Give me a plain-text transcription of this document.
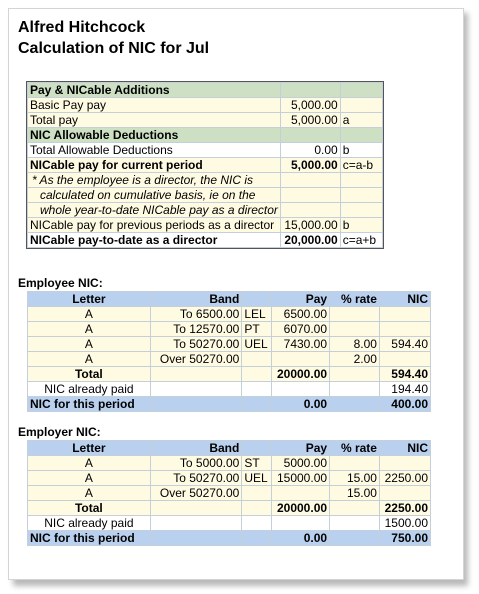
Alfred Hitchcock
Calculation of NIC for Jul
Pay & NICable Additions		
Basic Pay pay	5,000.00	
Total pay	5,000.00	a
NIC Allowable Deductions		
Total Allowable Deductions	0.00	b
NICable pay for current period	5,000.00	c=a-b
* As the employee is a director, the NIC is		
calculated on cumulative basis, ie on the		
whole year-to-date NICable pay as a director		
NICable pay for previous periods as a director	15,000.00	b
NICable pay-to-date as a director	20,000.00	c=a+b
Employee NIC:
Letter	Band		Pay	% rate	NIC
A	To 6500.00	LEL	6500.00		
A	To 12570.00	PT	6070.00		
A	To 50270.00	UEL	7430.00	8.00	594.40
A	Over 50270.00			2.00	
Total			20000.00		594.40
NIC already paid					194.40
NIC for this period			0.00		400.00
Employer NIC:
Letter	Band		Pay	% rate	NIC
A	To 5000.00	ST	5000.00		
A	To 50270.00	UEL	15000.00	15.00	2250.00
A	Over 50270.00			15.00	
Total			20000.00		2250.00
NIC already paid					1500.00
NIC for this period			0.00		750.00
